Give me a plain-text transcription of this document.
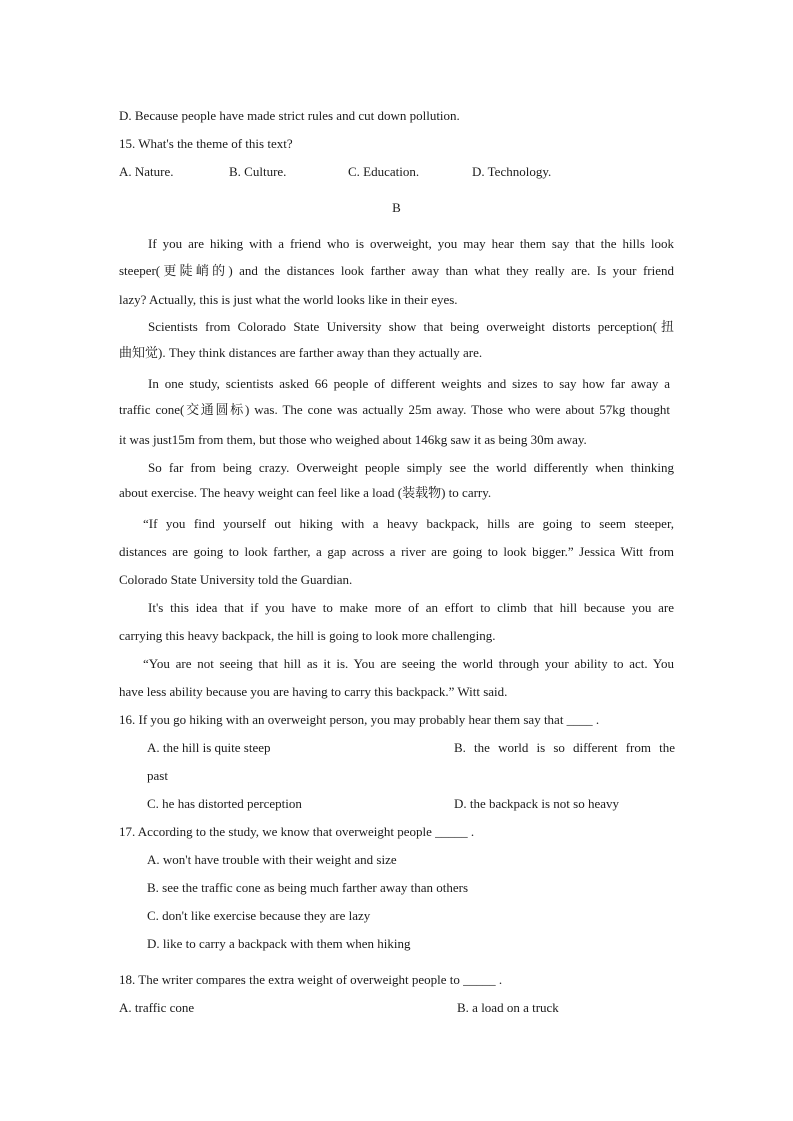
D. Because people have made strict rules and cut down pollution.
15. What's the theme of this text?
A. Nature.	B. Culture.	C. Education.	D. Technology.
B
If you are hiking with a friend who is overweight, you may hear them say that the hills look
steeper(更陡峭的) and the distances look farther away than what they really are. Is your friend
lazy? Actually, this is just what the world looks like in their eyes.
Scientists from Colorado State University show that being overweight distorts perception(扭
曲知觉). They think distances are farther away than they actually are.
In one study, scientists asked 66 people of different weights and sizes to say how far away a
traffic cone(交通圆标) was. The cone was actually 25m away. Those who were about 57kg thought
it was just15m from them, but those who weighed about 146kg saw it as being 30m away.
So far from being crazy. Overweight people simply see the world differently when thinking
about exercise. The heavy weight can feel like a load (装载物) to carry.
“If you find yourself out hiking with a heavy backpack, hills are going to seem steeper,
distances are going to look farther, a gap across a river are going to look bigger.” Jessica Witt from
Colorado State University told the Guardian.
It's this idea that if you have to make more of an effort to climb that hill because you are
carrying this heavy backpack, the hill is going to look more challenging.
“You are not seeing that hill as it is. You are seeing the world through your ability to act. You
have less ability because you are having to carry this backpack.” Witt said.
16. If you go hiking with an overweight person, you may probably hear them say that ____ .
A. the hill is quite steep	B. the world is so different from the
past
C. he has distorted perception	D. the backpack is not so heavy
17. According to the study, we know that overweight people _____ .
A. won't have trouble with their weight and size
B. see the traffic cone as being much farther away than others
C. don't like exercise because they are lazy
D. like to carry a backpack with them when hiking
18. The writer compares the extra weight of overweight people to _____ .
A. traffic cone	B. a load on a truck
